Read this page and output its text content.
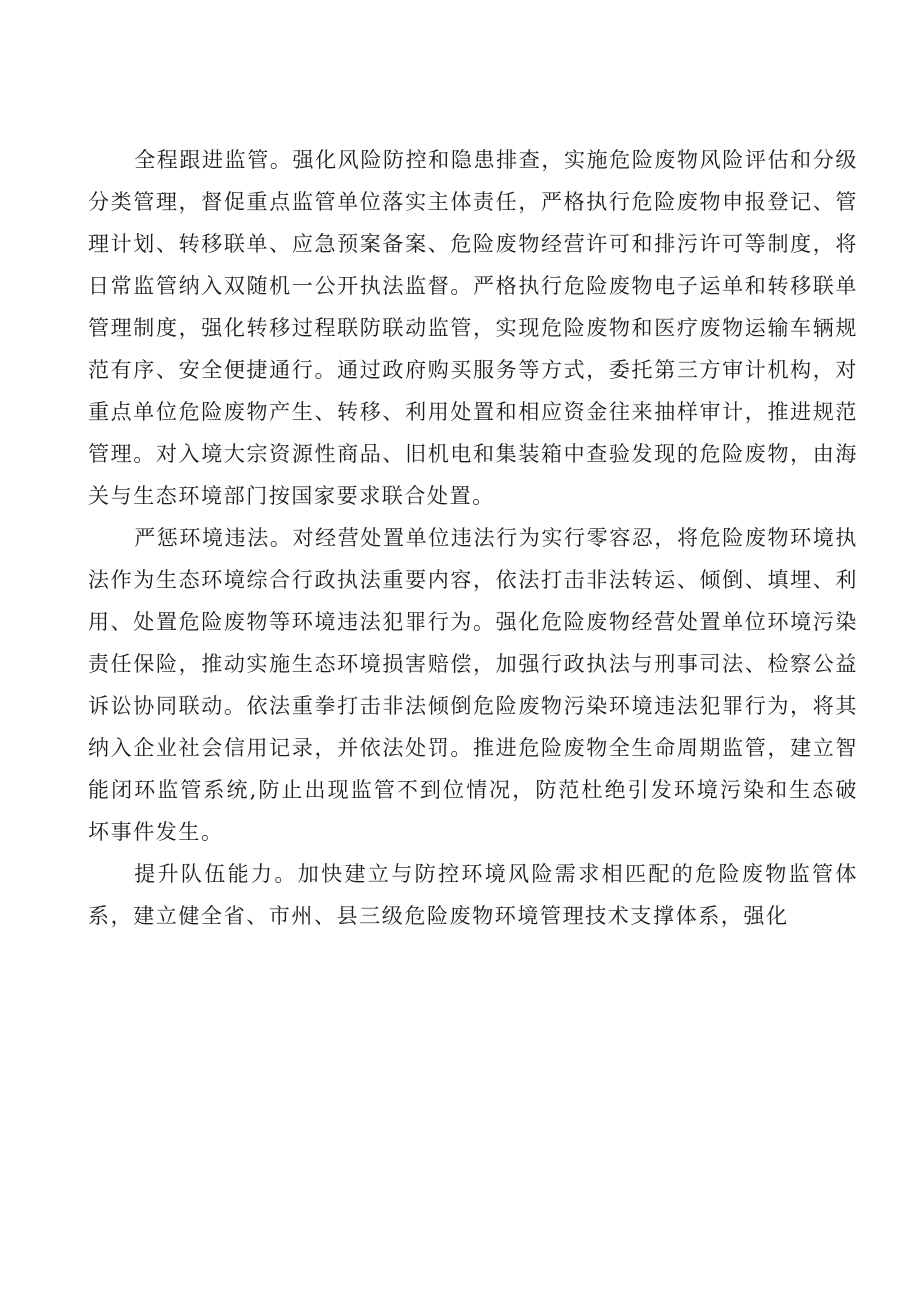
全程跟进监管。强化风险防控和隐患排查，实施危险废物风险评估和分级分类管理，督促重点监管单位落实主体责任，严格执行危险废物申报登记、管理计划、转移联单、应急预案备案、危险废物经营许可和排污许可等制度，将日常监管纳入双随机一公开执法监督。严格执行危险废物电子运单和转移联单管理制度，强化转移过程联防联动监管，实现危险废物和医疗废物运输车辆规范有序、安全便捷通行。通过政府购买服务等方式，委托第三方审计机构，对重点单位危险废物产生、转移、利用处置和相应资金往来抽样审计，推进规范管理。对入境大宗资源性商品、旧机电和集装箱中查验发现的危险废物，由海关与生态环境部门按国家要求联合处置。

严惩环境违法。对经营处置单位违法行为实行零容忍，将危险废物环境执法作为生态环境综合行政执法重要内容，依法打击非法转运、倾倒、填埋、利用、处置危险废物等环境违法犯罪行为。强化危险废物经营处置单位环境污染责任保险，推动实施生态环境损害赔偿，加强行政执法与刑事司法、检察公益诉讼协同联动。依法重拳打击非法倾倒危险废物污染环境违法犯罪行为，将其纳入企业社会信用记录，并依法处罚。推进危险废物全生命周期监管，建立智能闭环监管系统,防止出现监管不到位情况，防范杜绝引发环境污染和生态破坏事件发生。

提升队伍能力。加快建立与防控环境风险需求相匹配的危险废物监管体系，建立健全省、市州、县三级危险废物环境管理技术支撑体系，强化
